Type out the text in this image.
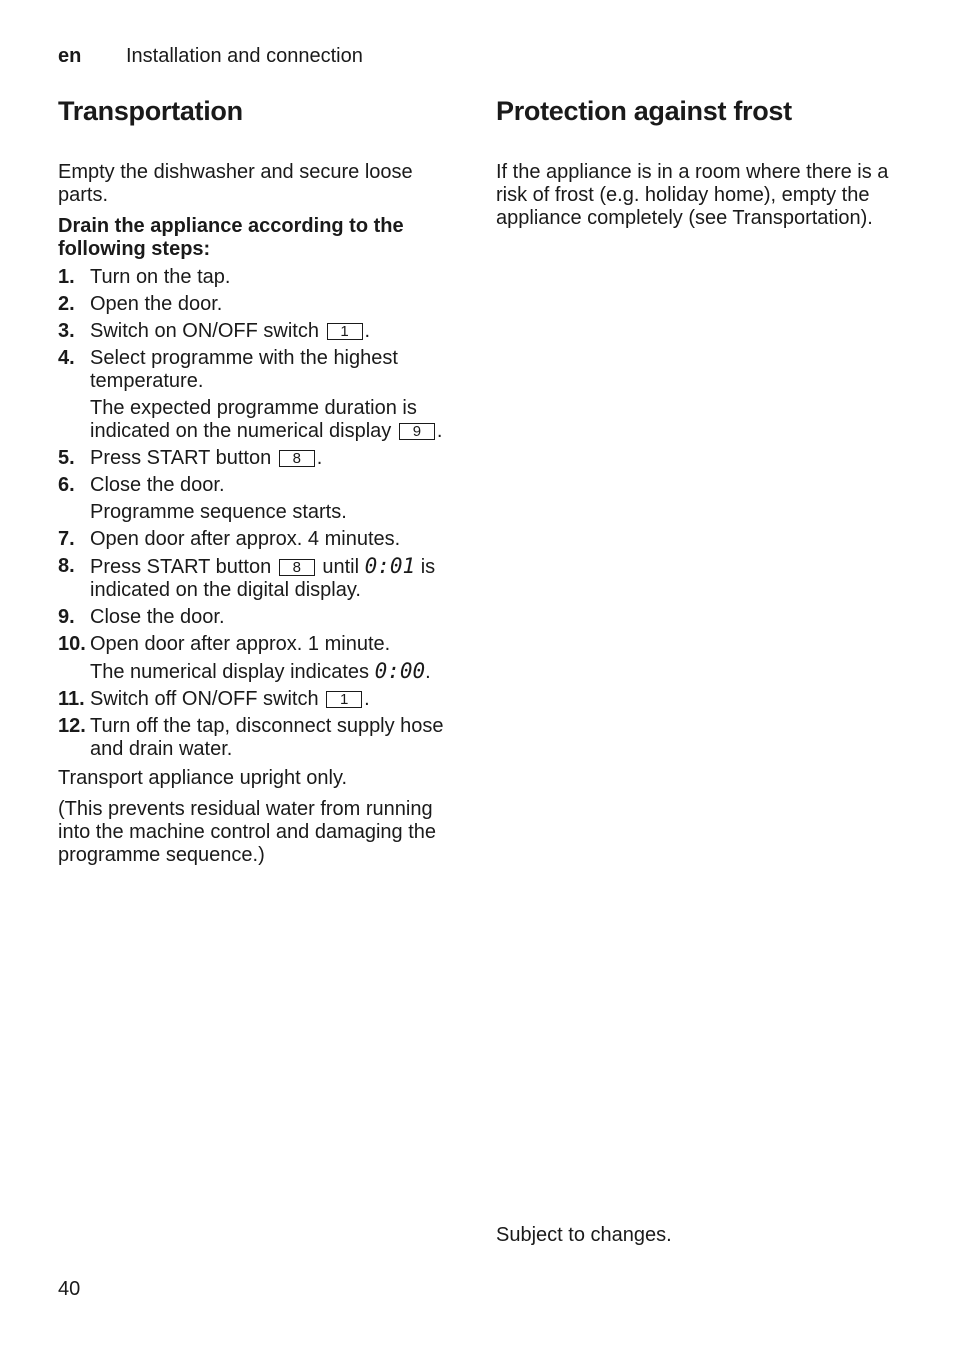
en Installation and connection
Transportation

Empty the dishwasher and secure loose parts.

Drain the appliance according to the following steps:

1. Turn on the tap.
2. Open the door.
3. Switch on ON/OFF switch 1 .
4. Select programme with the highest temperature.
The expected programme duration is indicated on the numerical display 9 .
5. Press START button 8 .
6. Close the door.
Programme sequence starts.
7. Open door after approx. 4 minutes.
8. Press START button 8 until 0:01 is indicated on the digital display.
9. Close the door.
10. Open door after approx. 1 minute.
The numerical display indicates 0:00.
11. Switch off ON/OFF switch 1 .
12. Turn off the tap, disconnect supply hose and drain water.

Transport appliance upright only.

(This prevents residual water from running into the machine control and damaging the programme sequence.)

Protection against frost

If the appliance is in a room where there is a risk of frost (e.g. holiday home), empty the appliance completely (see Transportation).

Subject to changes.
40
